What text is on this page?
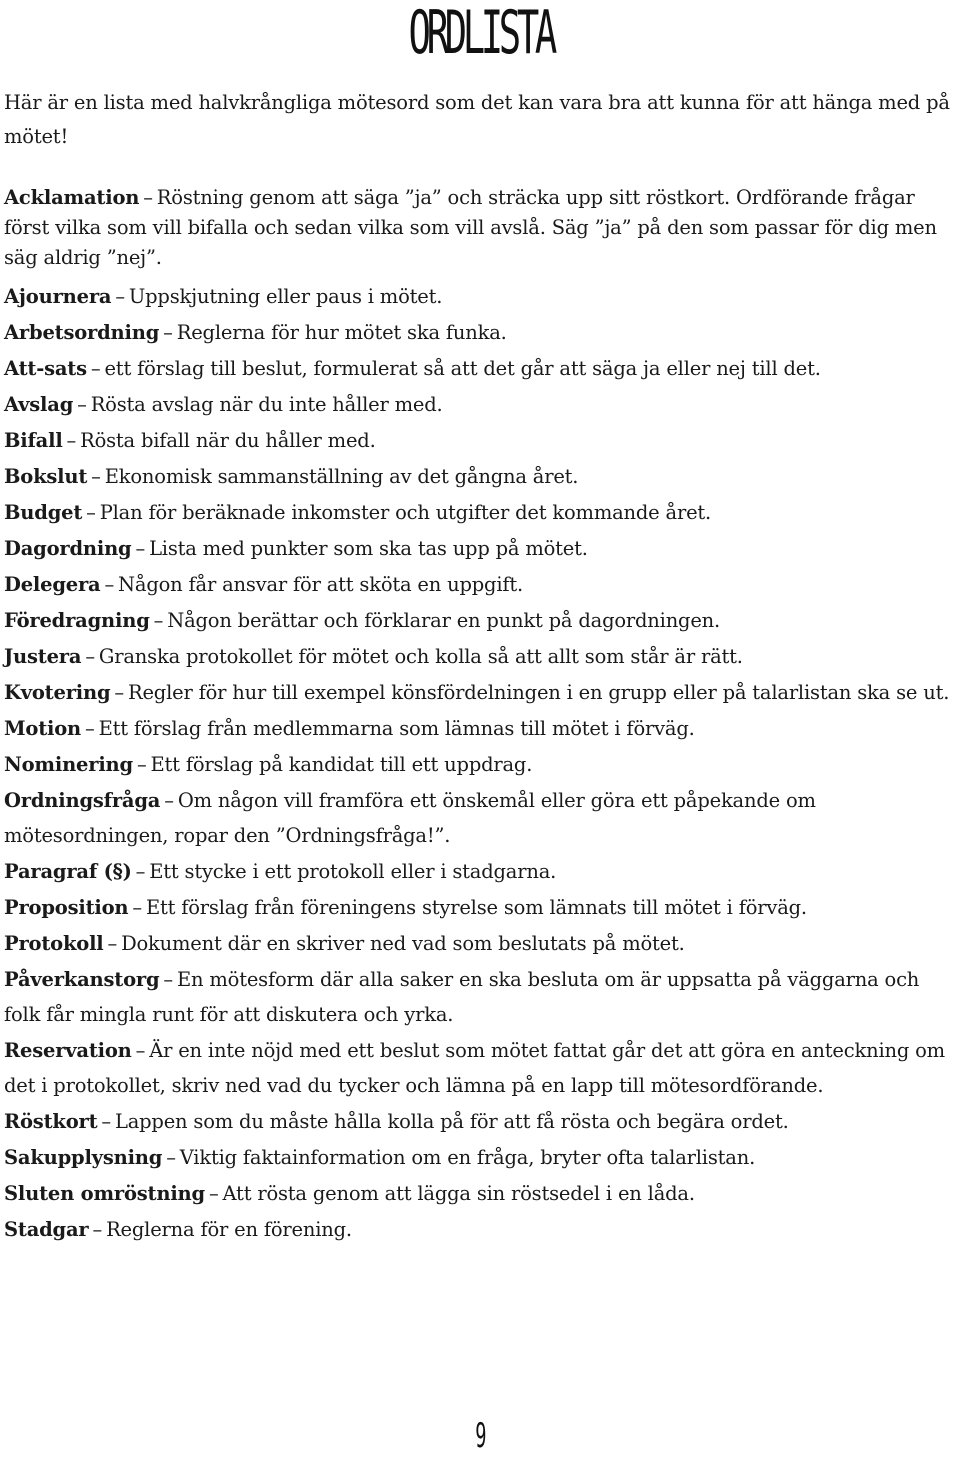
ORDLISTA

Här är en lista med halvkrångliga mötesord som det kan vara bra att kunna för att hänga med på mötet!

Acklamation – Röstning genom att säga ”ja” och sträcka upp sitt röstkort. Ordförande frågar först vilka som vill bifalla och sedan vilka som vill avslå. Säg ”ja” på den som passar för dig men säg aldrig ”nej”.

Ajournera – Uppskjutning eller paus i mötet.

Arbetsordning – Reglerna för hur mötet ska funka.

Att-sats – ett förslag till beslut, formulerat så att det går att säga ja eller nej till det.

Avslag – Rösta avslag när du inte håller med.

Bifall – Rösta bifall när du håller med.

Bokslut – Ekonomisk sammanställning av det gångna året.

Budget – Plan för beräknade inkomster och utgifter det kommande året.

Dagordning – Lista med punkter som ska tas upp på mötet.

Delegera – Någon får ansvar för att sköta en uppgift.

Föredragning – Någon berättar och förklarar en punkt på dagordningen.

Justera – Granska protokollet för mötet och kolla så att allt som står är rätt.

Kvotering – Regler för hur till exempel könsfördelningen i en grupp eller på talarlistan ska se ut.

Motion – Ett förslag från medlemmarna som lämnas till mötet i förväg.

Nominering – Ett förslag på kandidat till ett uppdrag.

Ordningsfråga – Om någon vill framföra ett önskemål eller göra ett påpekande om mötesordningen, ropar den ”Ordningsfråga!”.

Paragraf (§) – Ett stycke i ett protokoll eller i stadgarna.

Proposition – Ett förslag från föreningens styrelse som lämnats till mötet i förväg.

Protokoll – Dokument där en skriver ned vad som beslutats på mötet.

Påverkanstorg – En mötesform där alla saker en ska besluta om är uppsatta på väggarna och folk får mingla runt för att diskutera och yrka.

Reservation – Är en inte nöjd med ett beslut som mötet fattat går det att göra en anteckning om det i protokollet, skriv ned vad du tycker och lämna på en lapp till mötesordförande.

Röstkort – Lappen som du måste hålla kolla på för att få rösta och begära ordet.

Sakupplysning – Viktig faktainformation om en fråga, bryter ofta talarlistan.

Sluten omröstning – Att rösta genom att lägga sin röstsedel i en låda.

Stadgar – Reglerna för en förening.

9
